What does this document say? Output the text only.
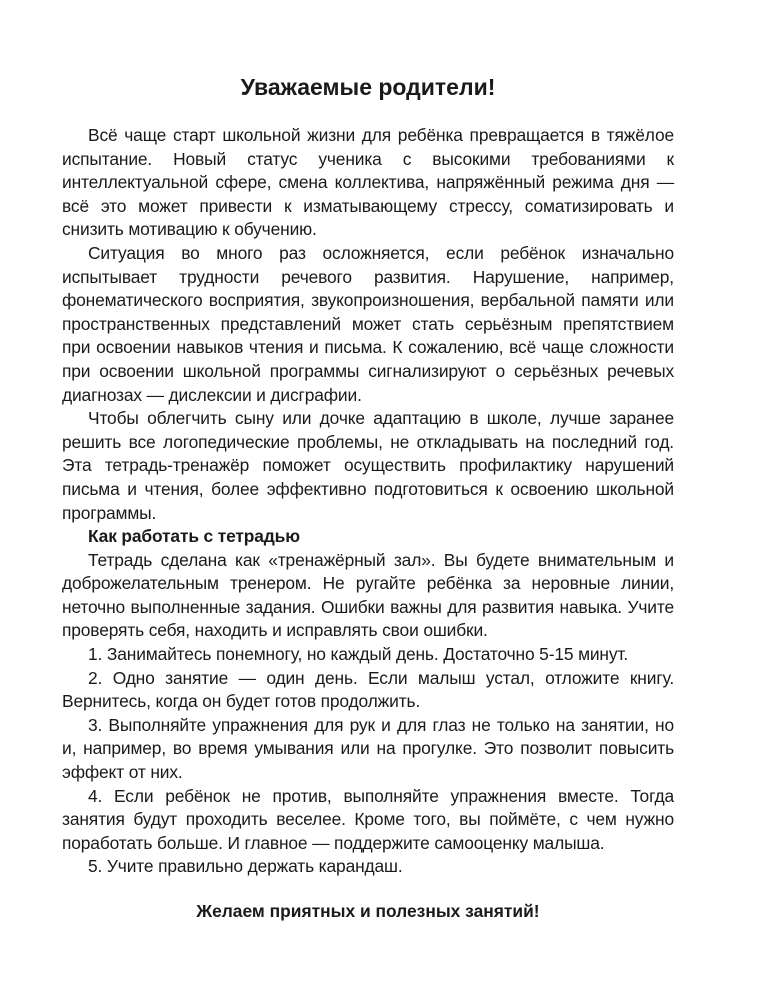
Уважаемые родители!

Всё чаще старт школьной жизни для ребёнка превращается в тяжёлое испытание. Новый статус ученика с высокими требованиями к интеллектуальной сфере, смена коллектива, напряжённый режима дня — всё это может привести к изматывающему стрессу, соматизировать и снизить мотивацию к обучению.

Ситуация во много раз осложняется, если ребёнок изначально испытывает трудности речевого развития. Нарушение, например, фонематического восприятия, звукопроизношения, вербальной памяти или пространственных представлений может стать серьёзным препятствием при освоении навыков чтения и письма. К сожалению, всё чаще сложности при освоении школьной программы сигнализируют о серьёзных речевых диагнозах — дислексии и дисграфии.

Чтобы облегчить сыну или дочке адаптацию в школе, лучше заранее решить все логопедические проблемы, не откладывать на последний год. Эта тетрадь-тренажёр поможет осуществить профилактику нарушений письма и чтения, более эффективно подготовиться к освоению школьной программы.

Как работать с тетрадью

Тетрадь сделана как «тренажёрный зал». Вы будете внимательным и доброжелательным тренером. Не ругайте ребёнка за неровные линии, неточно выполненные задания. Ошибки важны для развития навыка. Учите проверять себя, находить и исправлять свои ошибки.

1. Занимайтесь понемногу, но каждый день. Достаточно 5-15 минут.

2. Одно занятие — один день. Если малыш устал, отложите книгу. Вернитесь, когда он будет готов продолжить.

3. Выполняйте упражнения для рук и для глаз не только на занятии, но и, например, во время умывания или на прогулке. Это позволит повысить эффект от них.

4. Если ребёнок не против, выполняйте упражнения вместе. Тогда занятия будут проходить веселее. Кроме того, вы поймёте, с чем нужно поработать больше. И главное — поддержите самооценку малыша.

5. Учите правильно держать карандаш.

Желаем приятных и полезных занятий!
